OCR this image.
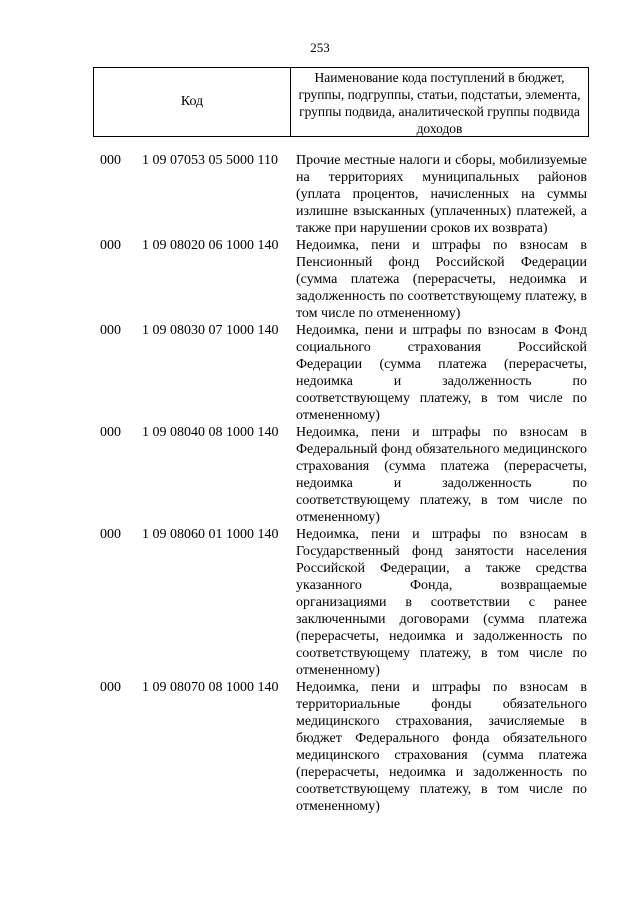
253
Код
Наименование кода поступлений в бюджет, группы, подгруппы, статьи, подстатьи, элемента, группы подвида, аналитической группы подвида доходов
000 1 09 07053 05 5000 110 Прочие местные налоги и сборы, мобилизуемые на территориях муниципальных районов (уплата процентов, начисленных на суммы излишне взысканных (уплаченных) платежей, а также при нарушении сроков их возврата)
000 1 09 08020 06 1000 140 Недоимка, пени и штрафы по взносам в Пенсионный фонд Российской Федерации (сумма платежа (перерасчеты, недоимка и задолженность по соответствующему платежу, в том числе по отмененному)
000 1 09 08030 07 1000 140 Недоимка, пени и штрафы по взносам в Фонд социального страхования Российской Федерации (сумма платежа (перерасчеты, недоимка и задолженность по соответствующему платежу, в том числе по отмененному)
000 1 09 08040 08 1000 140 Недоимка, пени и штрафы по взносам в Федеральный фонд обязательного медицинского страхования (сумма платежа (перерасчеты, недоимка и задолженность по соответствующему платежу, в том числе по отмененному)
000 1 09 08060 01 1000 140 Недоимка, пени и штрафы по взносам в Государственный фонд занятости населения Российской Федерации, а также средства указанного Фонда, возвращаемые организациями в соответствии с ранее заключенными договорами (сумма платежа (перерасчеты, недоимка и задолженность по соответствующему платежу, в том числе по отмененному)
000 1 09 08070 08 1000 140 Недоимка, пени и штрафы по взносам в территориальные фонды обязательного медицинского страхования, зачисляемые в бюджет Федерального фонда обязательного медицинского страхования (сумма платежа (перерасчеты, недоимка и задолженность по соответствующему платежу, в том числе по отмененному)
